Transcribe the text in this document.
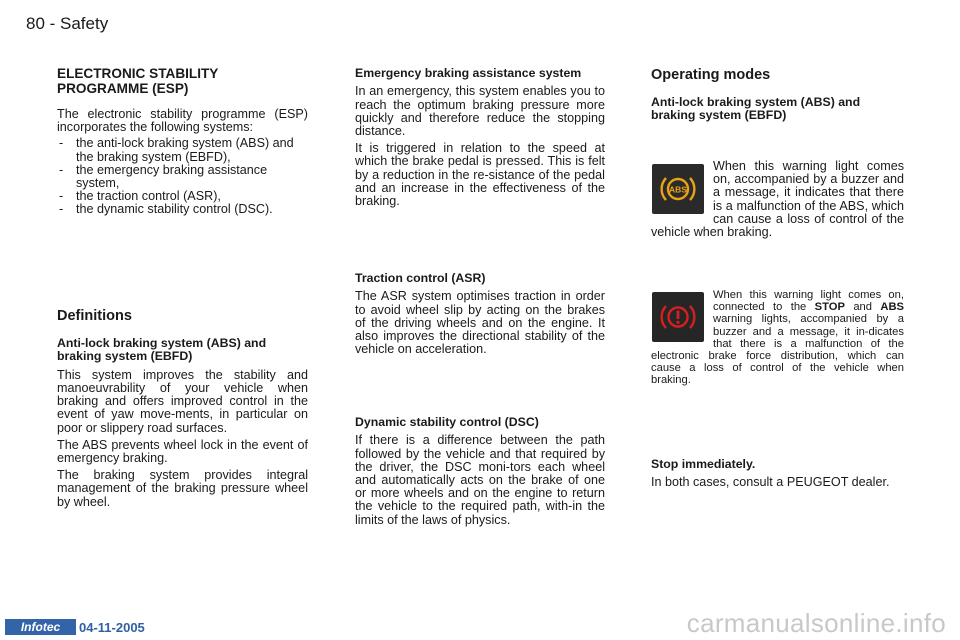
80 - Safety
ELECTRONIC STABILITY PROGRAMME (ESP)

The electronic stability programme (ESP) incorporates the following systems:

- the anti-lock braking system (ABS) and the braking system (EBFD),
- the emergency braking assistance system,
- the traction control (ASR),
- the dynamic stability control (DSC).
Definitions
Anti-lock braking system (ABS) and braking system (EBFD)

This system improves the stability and manoeuvrability of your vehicle when braking and offers improved control in the event of yaw move-ments, in particular on poor or slippery road surfaces.

The ABS prevents wheel lock in the event of emergency braking.

The braking system provides integral management of the braking pressure wheel by wheel.

Emergency braking assistance system

In an emergency, this system enables you to reach the optimum braking pressure more quickly and therefore reduce the stopping distance.

It is triggered in relation to the speed at which the brake pedal is pressed. This is felt by a reduction in the re-sistance of the pedal and an increase in the effectiveness of the braking.

Traction control (ASR)

The ASR system optimises traction in order to avoid wheel slip by acting on the brakes of the driving wheels and on the engine. It also improves the directional stability of the vehicle on acceleration.

Dynamic stability control (DSC)

If there is a difference between the path followed by the vehicle and that required by the driver, the DSC moni-tors each wheel and automatically acts on the brake of one or more wheels and on the engine to return the vehicle to the required path, with-in the limits of the laws of physics.

Operating modes
Anti-lock braking system (ABS) and braking system (EBFD)
ABS

When this warning light comes on, accompanied by a buzzer and a message, it indicates that there is a malfunction of the ABS, which can cause a loss of control of the vehicle when braking.

When this warning light comes on, connected to the STOP and ABS warning lights, accompanied by a buzzer and a message, it in-dicates that there is a malfunction of the electronic brake force distribution, which can cause a loss of control of the vehicle when braking.

Stop immediately.

In both cases, consult a PEUGEOT dealer.

Infotec	04-11-2005	carmanualsonline.info
